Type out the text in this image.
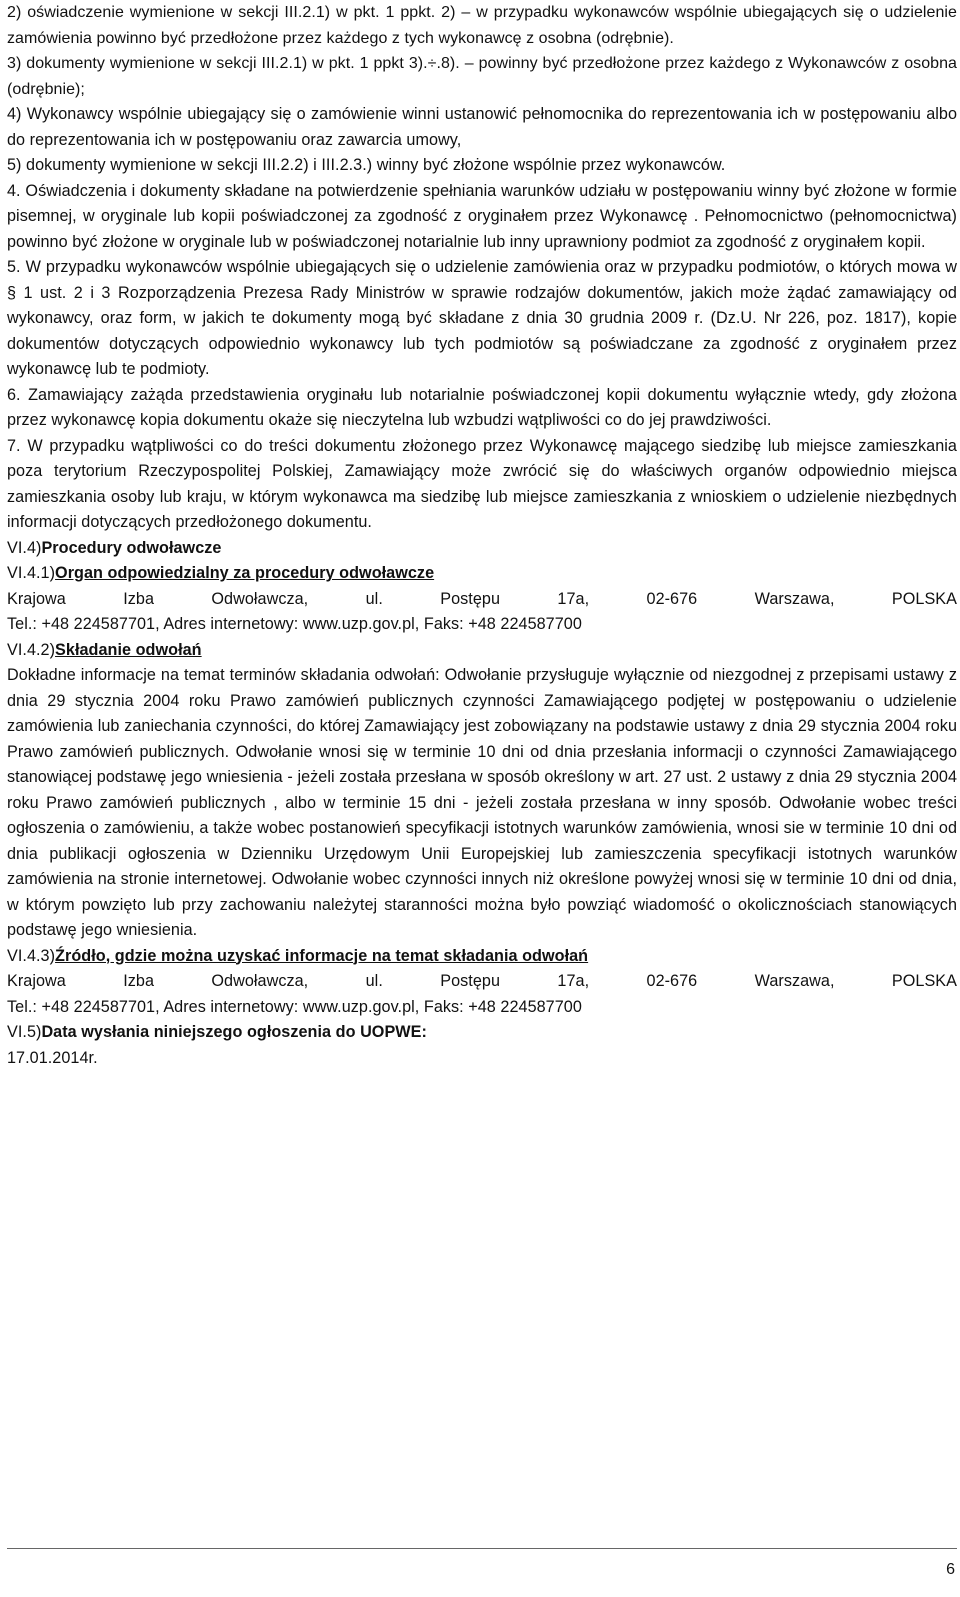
2) oświadczenie wymienione w sekcji III.2.1) w pkt. 1 ppkt. 2) – w przypadku wykonawców wspólnie ubiegających się o udzielenie zamówienia powinno być przedłożone przez każdego z tych wykonawcę z osobna (odrębnie).

3) dokumenty wymienione w sekcji III.2.1) w pkt. 1 ppkt 3).÷.8). – powinny być przedłożone przez każdego z Wykonawców z osobna (odrębnie);

4) Wykonawcy wspólnie ubiegający się o zamówienie winni ustanowić pełnomocnika do reprezentowania ich w postępowaniu albo do reprezentowania ich w postępowaniu oraz zawarcia umowy,

5) dokumenty wymienione w sekcji III.2.2) i III.2.3.) winny być złożone wspólnie przez wykonawców.

4. Oświadczenia i dokumenty składane na potwierdzenie spełniania warunków udziału w postępowaniu winny być złożone w formie pisemnej, w oryginale lub kopii poświadczonej za zgodność z oryginałem przez Wykonawcę . Pełnomocnictwo (pełnomocnictwa) powinno być złożone w oryginale lub w poświadczonej notarialnie lub inny uprawniony podmiot za zgodność z oryginałem kopii.

5. W przypadku wykonawców wspólnie ubiegających się o udzielenie zamówienia oraz w przypadku podmiotów, o których mowa w § 1 ust. 2 i 3 Rozporządzenia Prezesa Rady Ministrów w sprawie rodzajów dokumentów, jakich może żądać zamawiający od wykonawcy, oraz form, w jakich te dokumenty mogą być składane z dnia 30 grudnia 2009 r. (Dz.U. Nr 226, poz. 1817), kopie dokumentów dotyczących odpowiednio wykonawcy lub tych podmiotów są poświadczane za zgodność z oryginałem przez wykonawcę lub te podmioty.

6. Zamawiający zażąda przedstawienia oryginału lub notarialnie poświadczonej kopii dokumentu wyłącznie wtedy, gdy złożona przez wykonawcę kopia dokumentu okaże się nieczytelna lub wzbudzi wątpliwości co do jej prawdziwości.

7. W przypadku wątpliwości co do treści dokumentu złożonego przez Wykonawcę mającego siedzibę lub miejsce zamieszkania poza terytorium Rzeczypospolitej Polskiej, Zamawiający może zwrócić się do właściwych organów odpowiednio miejsca zamieszkania osoby lub kraju, w którym wykonawca ma siedzibę lub miejsce zamieszkania z wnioskiem o udzielenie niezbędnych informacji dotyczących przedłożonego dokumentu.

VI.4)Procedury odwoławcze

VI.4.1)Organ odpowiedzialny za procedury odwoławcze

Krajowa Izba Odwoławcza, ul. Postępu 17a, 02-676 Warszawa, POLSKA

Tel.: +48 224587701, Adres internetowy: www.uzp.gov.pl, Faks: +48 224587700

VI.4.2)Składanie odwołań

Dokładne informacje na temat terminów składania odwołań: Odwołanie przysługuje wyłącznie od niezgodnej z przepisami ustawy z dnia 29 stycznia 2004 roku Prawo zamówień publicznych czynności Zamawiającego podjętej w postępowaniu o udzielenie zamówienia lub zaniechania czynności, do której Zamawiający jest zobowiązany na podstawie ustawy z dnia 29 stycznia 2004 roku Prawo zamówień publicznych. Odwołanie wnosi się w terminie 10 dni od dnia przesłania informacji o czynności Zamawiającego stanowiącej podstawę jego wniesienia - jeżeli została przesłana w sposób określony w art. 27 ust. 2 ustawy z dnia 29 stycznia 2004 roku Prawo zamówień publicznych , albo w terminie 15 dni - jeżeli została przesłana w inny sposób. Odwołanie wobec treści ogłoszenia o zamówieniu, a także wobec postanowień specyfikacji istotnych warunków zamówienia, wnosi sie w terminie 10 dni od dnia publikacji ogłoszenia w Dzienniku Urzędowym Unii Europejskiej lub zamieszczenia specyfikacji istotnych warunków zamówienia na stronie internetowej. Odwołanie wobec czynności innych niż określone powyżej wnosi się w terminie 10 dni od dnia, w którym powzięto lub przy zachowaniu należytej staranności można było powziąć wiadomość o okolicznościach stanowiących podstawę jego wniesienia.

VI.4.3)Źródło, gdzie można uzyskać informacje na temat składania odwołań

Krajowa Izba Odwoławcza, ul. Postępu 17a, 02-676 Warszawa, POLSKA

Tel.: +48 224587701, Adres internetowy: www.uzp.gov.pl, Faks: +48 224587700

VI.5)Data wysłania niniejszego ogłoszenia do UOPWE:

17.01.2014r.

6
